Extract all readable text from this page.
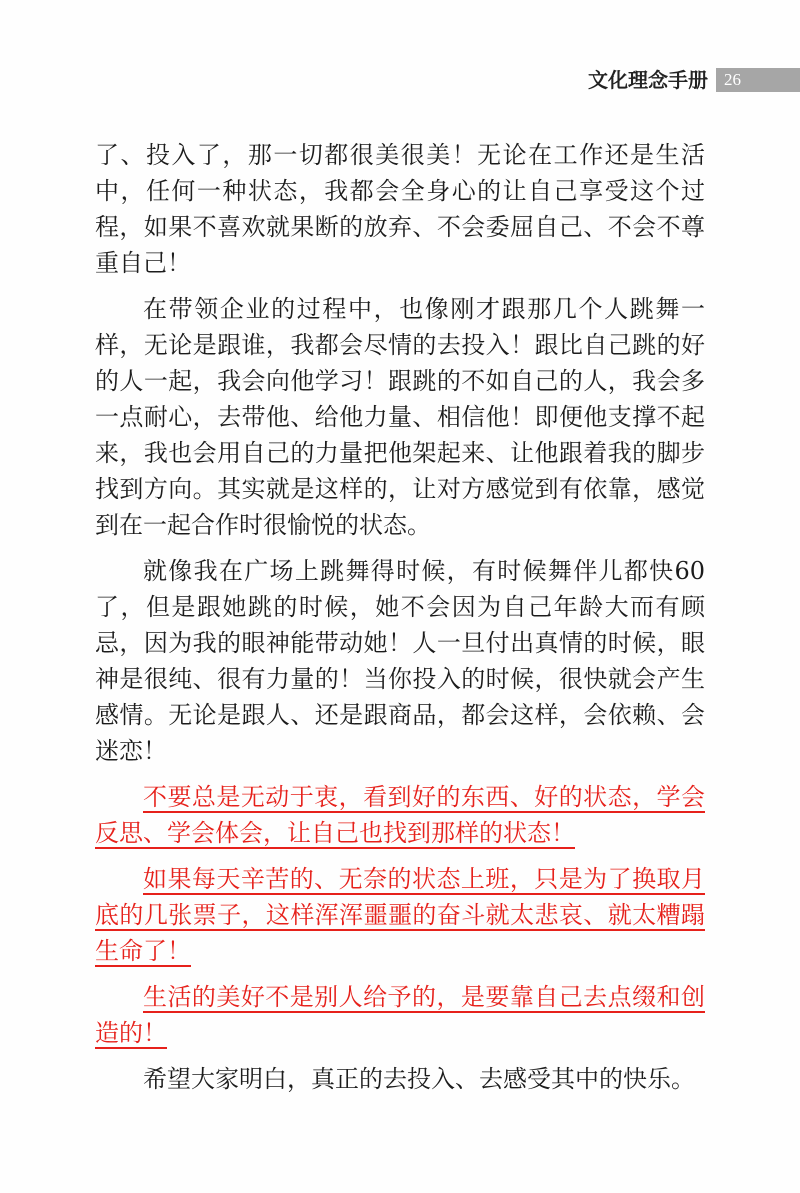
文化理念手册 26
了、投入了，那一切都很美很美！无论在工作还是生活
中，任何一种状态，我都会全身心的让自己享受这个过
程，如果不喜欢就果断的放弃、不会委屈自己、不会不尊
重自己！
在带领企业的过程中，也像刚才跟那几个人跳舞一
样，无论是跟谁，我都会尽情的去投入！跟比自己跳的好
的人一起，我会向他学习！跟跳的不如自己的人，我会多
一点耐心，去带他、给他力量、相信他！即便他支撑不起
来，我也会用自己的力量把他架起来、让他跟着我的脚步
找到方向。其实就是这样的，让对方感觉到有依靠，感觉
到在一起合作时很愉悦的状态。
就像我在广场上跳舞得时候，有时候舞伴儿都快60
了，但是跟她跳的时候，她不会因为自己年龄大而有顾
忌，因为我的眼神能带动她！人一旦付出真情的时候，眼
神是很纯、很有力量的！当你投入的时候，很快就会产生
感情。无论是跟人、还是跟商品，都会这样，会依赖、会
迷恋！
不要总是无动于衷，看到好的东西、好的状态，学会
反思、学会体会，让自己也找到那样的状态！
如果每天辛苦的、无奈的状态上班，只是为了换取月
底的几张票子，这样浑浑噩噩的奋斗就太悲哀、就太糟蹋
生命了！
生活的美好不是别人给予的，是要靠自己去点缀和创
造的！
希望大家明白，真正的去投入、去感受其中的快乐。
